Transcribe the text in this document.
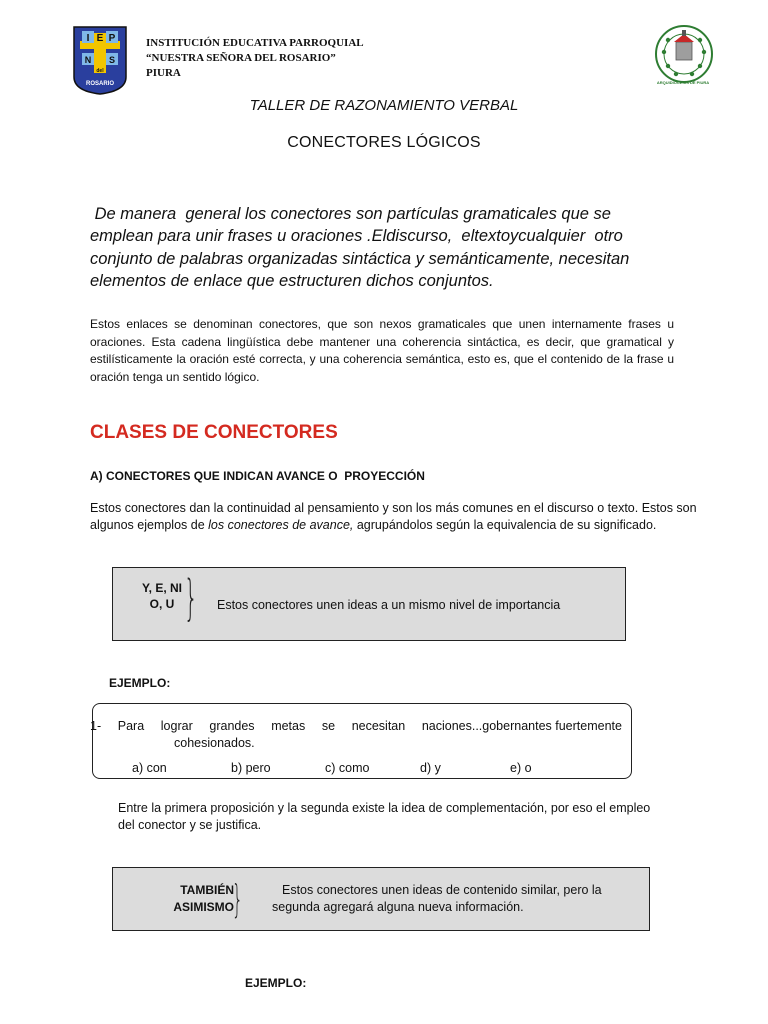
I E P
N S
del
ROSARIO
INSTITUCIÓN EDUCATIVA PARROQUIAL
“NUESTRA SEÑORA DEL ROSARIO”
PIURA
ARQUIDIOCESIS DE PIURA
TALLER DE RAZONAMIENTO VERBAL
CONECTORES LÓGICOS
De manera  general los conectores son partículas gramaticales que se
emplean para unir frases u oraciones .Eldiscurso,  eltextoycualquier  otro
conjunto de palabras organizadas sintáctica y semánticamente, necesitan
elementos de enlace que estructuren dichos conjuntos.
Estos enlaces se denominan conectores, que son nexos gramaticales que unen internamente frases u oraciones. Esta cadena lingüística debe mantener una coherencia sintáctica, es decir, que gramatical y estilísticamente la oración esté correcta, y una coherencia semántica, esto es, que el contenido de la frase u oración tenga un sentido lógico.
CLASES DE CONECTORES
A) CONECTORES QUE INDICAN AVANCE O  PROYECCIÓN
Estos conectores dan la continuidad al pensamiento y son los más comunes en el discurso o texto. Estos son algunos ejemplos de los conectores de avance, agrupándolos según la equivalencia de su significado.
Y, E, NI
O, U } Estos conectores unen ideas a un mismo nivel de importancia
EJEMPLO:
1- Para lograr grandes metas se necesitan naciones...gobernantes fuertemente
cohesionados.
a) con	b) pero	c) como	d) y	e) o
Entre la primera proposición y la segunda existe la idea de complementación, por eso el empleo del conector y se justifica.
TAMBIÉN
ASIMISMO
}	Estos conectores unen ideas de contenido similar, pero la
segunda agregará alguna nueva información.
EJEMPLO:
